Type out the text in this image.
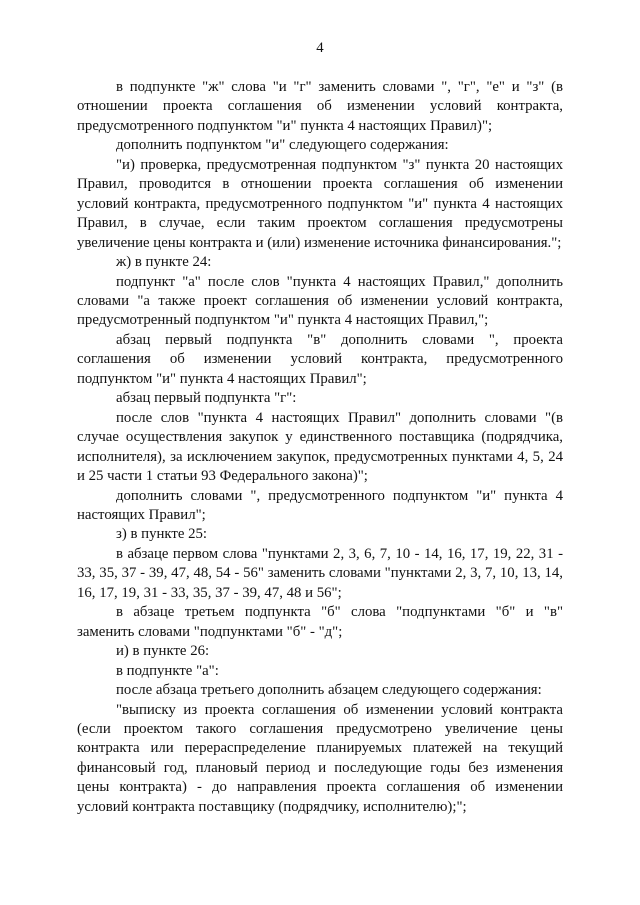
4

в подпункте "ж" слова "и "г" заменить словами ", "г", "е" и "з" (в отношении проекта соглашения об изменении условий контракта, предусмотренного подпунктом "и" пункта 4 настоящих Правил)";

дополнить подпунктом "и" следующего содержания:

"и) проверка, предусмотренная подпунктом "з" пункта 20 настоящих Правил, проводится в отношении проекта соглашения об изменении условий контракта, предусмотренного подпунктом "и" пункта 4 настоящих Правил, в случае, если таким проектом соглашения предусмотрены увеличение цены контракта и (или) изменение источника финансирования.";

ж) в пункте 24:

подпункт "а" после слов "пункта 4 настоящих Правил," дополнить словами "а также проект соглашения об изменении условий контракта, предусмотренный подпунктом "и" пункта 4 настоящих Правил,";

абзац первый подпункта "в" дополнить словами ", проекта соглашения об изменении условий контракта, предусмотренного подпунктом "и" пункта 4 настоящих Правил";

абзац первый подпункта "г":

после слов "пункта 4 настоящих Правил" дополнить словами "(в случае осуществления закупок у единственного поставщика (подрядчика, исполнителя), за исключением закупок, предусмотренных пунктами 4, 5, 24 и 25 части 1 статьи 93 Федерального закона)";

дополнить словами ", предусмотренного подпунктом "и" пункта 4 настоящих Правил";

з) в пункте 25:

в абзаце первом слова "пунктами 2, 3, 6, 7, 10 - 14, 16, 17, 19, 22, 31 - 33, 35, 37 - 39, 47, 48, 54 - 56" заменить словами "пунктами 2, 3, 7, 10, 13, 14, 16, 17, 19, 31 - 33, 35, 37 - 39, 47, 48 и 56";

в абзаце третьем подпункта "б" слова "подпунктами "б" и "в" заменить словами "подпунктами "б" - "д";

и) в пункте 26:

в подпункте "а":

после абзаца третьего дополнить абзацем следующего содержания:

"выписку из проекта соглашения об изменении условий контракта (если проектом такого соглашения предусмотрено увеличение цены контракта или перераспределение планируемых платежей на текущий финансовый год, плановый период и последующие годы без изменения цены контракта) - до направления проекта соглашения об изменении условий контракта поставщику (подрядчику, исполнителю);";
